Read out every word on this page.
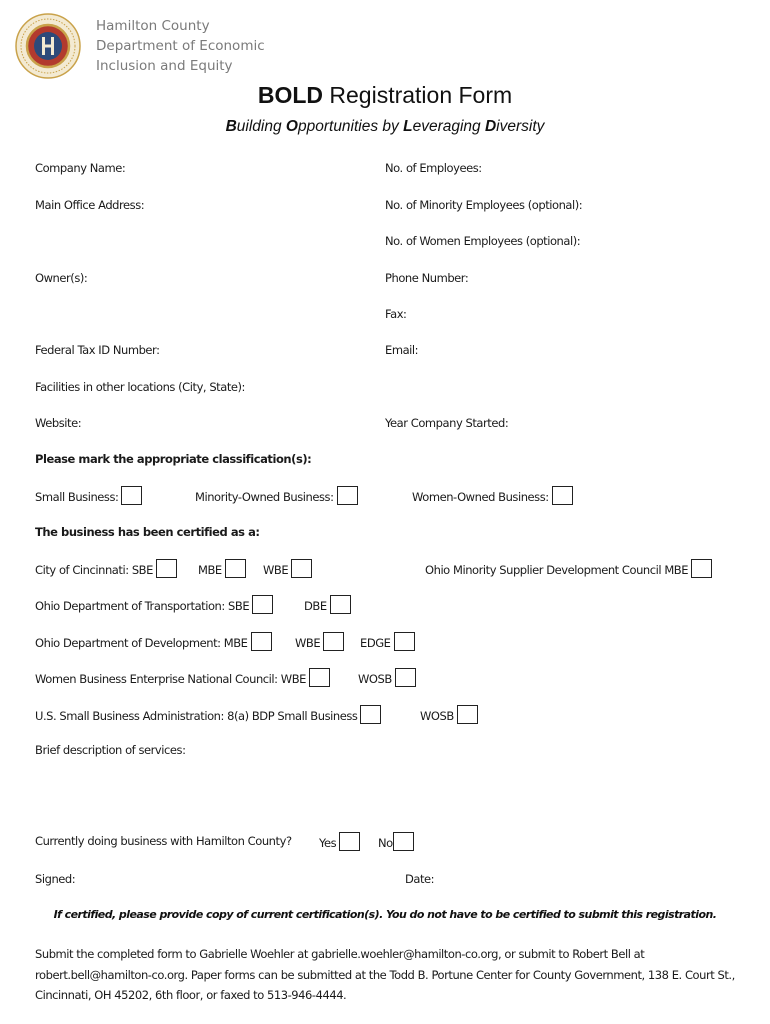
Hamilton County
Department of Economic
Inclusion and Equity
BOLD Registration Form
Building Opportunities by Leveraging Diversity
Company Name:	No. of Employees:
Main Office Address:	No. of Minority Employees (optional):
No. of Women Employees (optional):
Owner(s):	Phone Number:
Fax:
Federal Tax ID Number:	Email:
Facilities in other locations (City, State):
Website:	Year Company Started:
Please mark the appropriate classification(s):
Small Business:	Minority-Owned Business:	Women-Owned Business:
The business has been certified as a:
City of Cincinnati: SBE	MBE	WBE	Ohio Minority Supplier Development Council MBE
Ohio Department of Transportation: SBE	DBE
Ohio Department of Development: MBE	WBE	EDGE
Women Business Enterprise National Council: WBE	WOSB
U.S. Small Business Administration: 8(a) BDP Small Business	WOSB
Brief description of services:
Currently doing business with Hamilton County? Yes	No
Signed:	Date:
If certified, please provide copy of current certification(s). You do not have to be certified to submit this registration.
Submit the completed form to Gabrielle Woehler at gabrielle.woehler@hamilton-co.org, or submit to Robert Bell at robert.bell@hamilton-co.org. Paper forms can be submitted at the Todd B. Portune Center for County Government, 138 E. Court St., Cincinnati, OH 45202, 6th floor, or faxed to 513-946-4444.
